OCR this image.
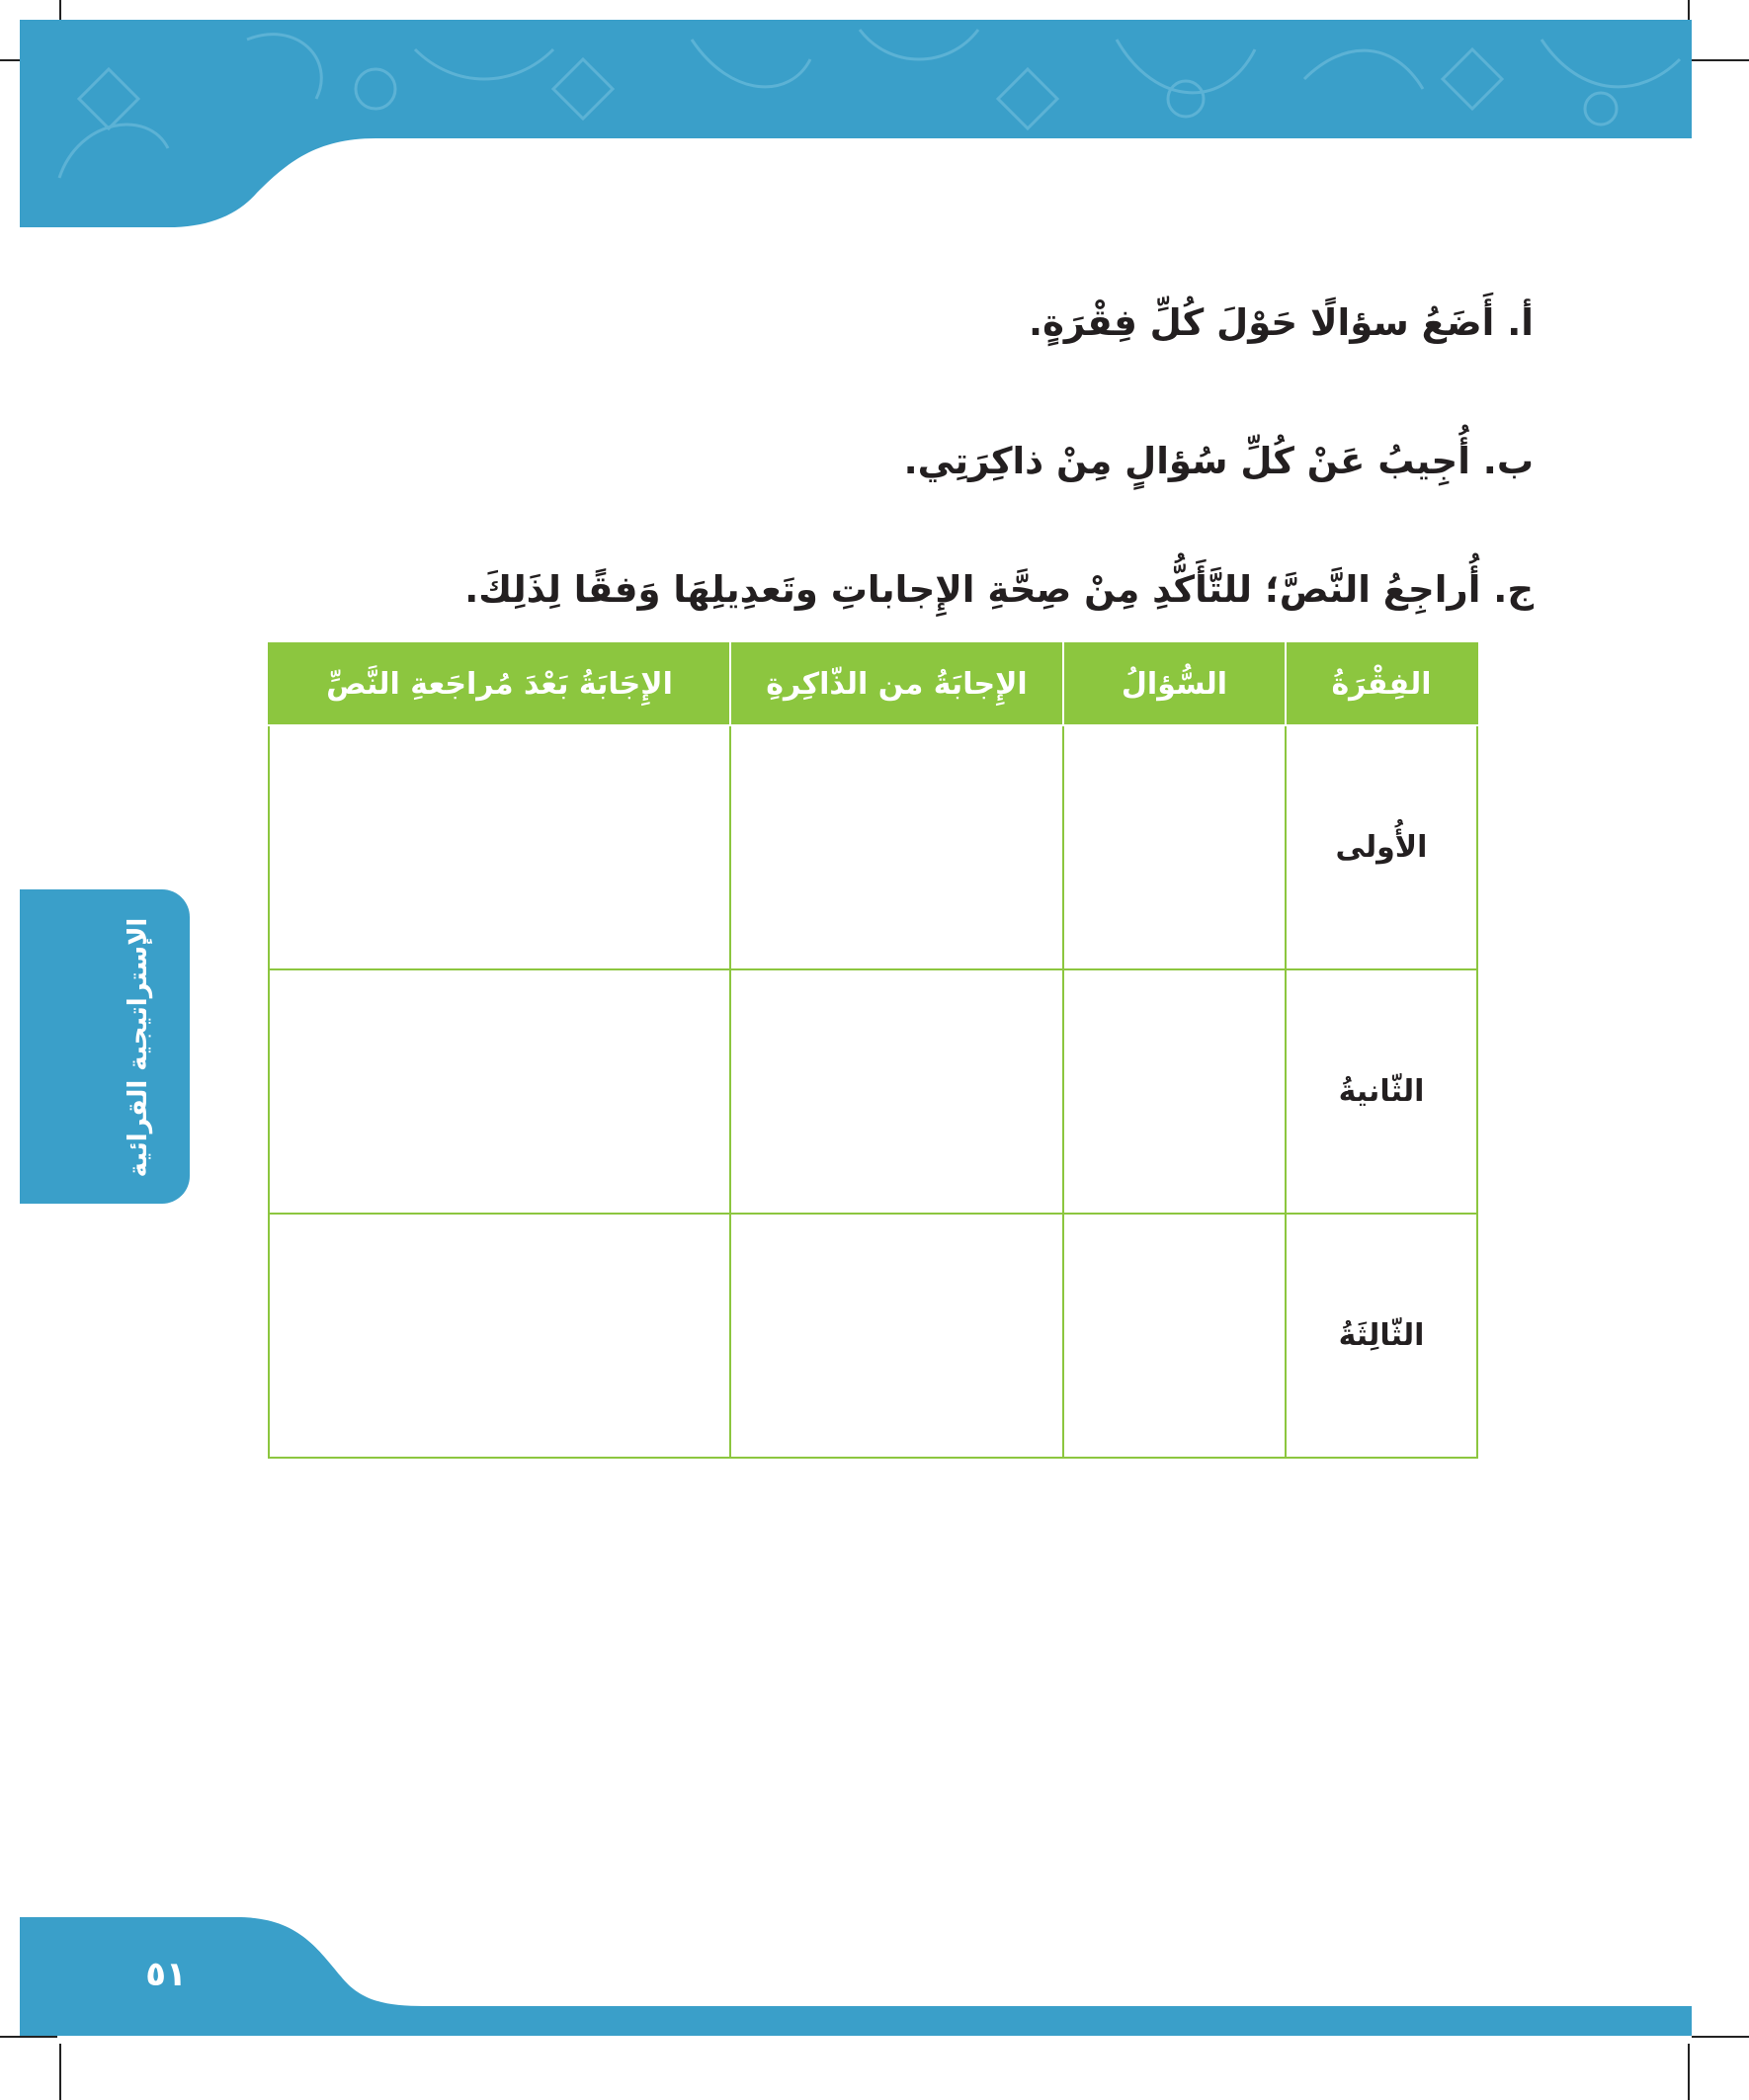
الإستراتيجية القرائية
أ. أَضَعُ سؤالًا حَوْلَ كُلِّ فِقْرَةٍ.
ب. أُجِيبُ عَنْ كُلِّ سُؤالٍ مِنْ ذاكِرَتِي.
ج. أُراجِعُ النَّصَّ؛ للتَّأَكُّدِ مِنْ صِحَّةِ الإِجاباتِ وتَعدِيلِهَا وَفقًا لِذَلِكَ.
الفِقْرَةُ	السُّؤالُ	الإِجابَةُ من الذّاكِرةِ	الإِجَابَةُ بَعْدَ مُراجَعةِ النَّصِّ
الأُولى			
الثّانيةُ			
الثّالِثَةُ			
٥١
